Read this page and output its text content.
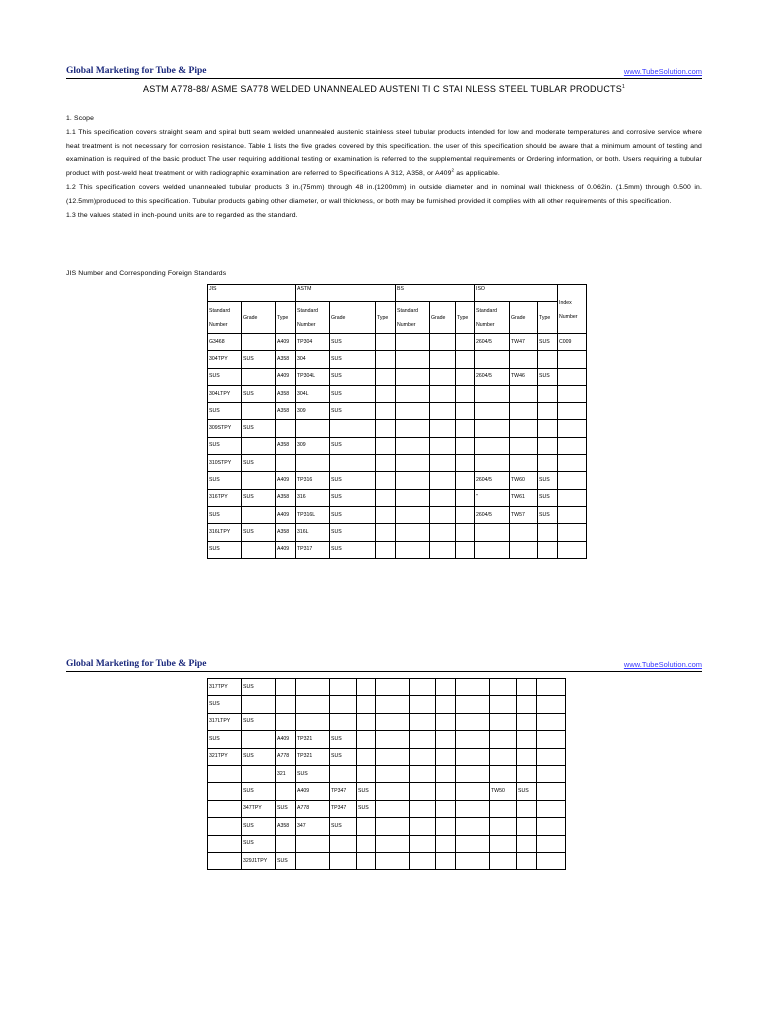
Global Marketing for Tube & Pipe	www.TubeSolution.com
ASTM A778-88/ ASME SA778 WELDED UNANNEALED AUSTENI TI C STAI NLESS STEEL TUBLAR PRODUCTS$^1$

1. Scope

1.1 This specification covers straight seam and spiral butt seam welded unannealed austenic stainless steel tubular products intended for low and moderate temperatures and corrosive service where heat treatment is not necessary for corrosion resistance. Table 1 lists the five grades covered by this specification. the user of this specification should be aware that a minimum amount of testing and examination is required of the basic product The user requiring additional testing or examination is referred to the supplemental requirements or Ordering information, or both. Users requiring a tubular product with post-weld heat treatment or with radiographic examination are referred to Specifications A 312, A358, or $A409^2$ as applicable.

1.2 This specification covers welded unannealed tubular products 3 in.(75mm) through 48 in.(1200mm) in outside diameter and in nominal wall thickness of 0.062in. (1.5mm) through 0.500 in.(12.5mm)produced to this specification. Tubular products gabing other diameter, or wall thickness, or both may be furnished provided it complies with all other requirements of this specification.

1.3 the values stated in inch-pound units are to regarded as the standard.

JIS Number and Corresponding Foreign Standards
JIS			ASTM			BS			ISO			Index Number
Standard Number	Grade	Type	Standard Number	Grade	Type	Standard Number	Grade	Type	Standard Number	Grade	Type	
G3468		A409	TP304	SUS					2604/5	TW47	SUS	C009
304TPY	SUS	A358	304	SUS								
SUS		A409	TP304L	SUS					2604/5	TW46	SUS	
304LTPY	SUS	A358	304L	SUS								
SUS		A358	309	SUS								
309STPY	SUS											
SUS		A358	309	SUS								
310STPY	SUS											
SUS		A409	TP316	SUS					2604/5	TW60	SUS	
316TPY	SUS	A358	316	SUS					"	TW61	SUS	
SUS		A409	TP316L	SUS					2604/5	TW57	SUS	
316LTPY	SUS	A358	316L	SUS								
SUS		A409	TP317	SUS								
Global Marketing for Tube & Pipe	www.TubeSolution.com
317TPY	SUS											
SUS												
317LTPY	SUS											
SUS		A409	TP321	SUS								
321TPY	SUS	A778	TP321	SUS								
		321	SUS									
	SUS		A409	TP347	SUS					TW50	SUS	
	347TPY	SUS	A778	TP347	SUS							
	SUS	A358	347	SUS								
	SUS											
	329J1TPY	SUS										
